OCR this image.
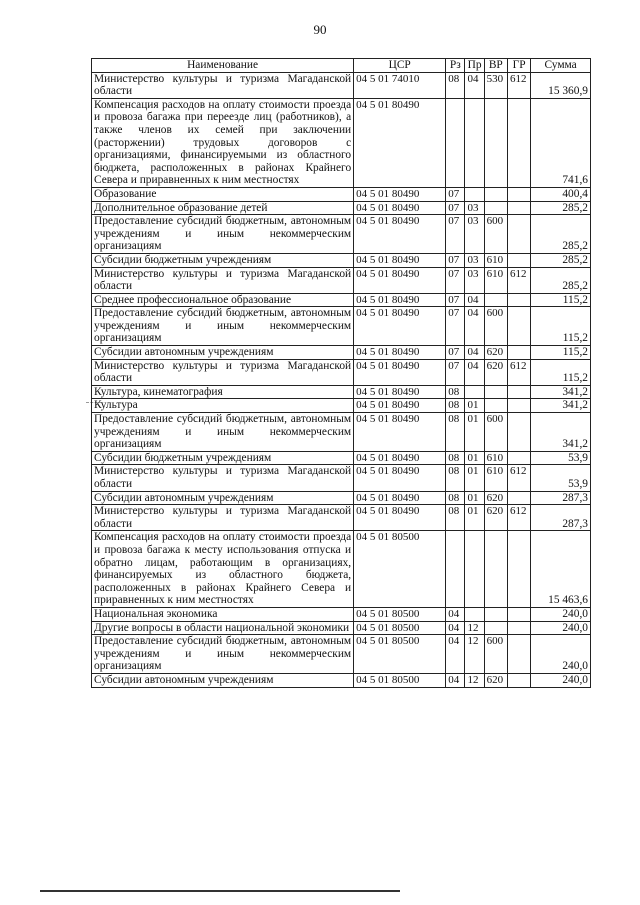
90
Наименование	ЦСР	Рз	Пр	ВР	ГР	Сумма
Министерство культуры и туризма Магаданской области	04 5 01 74010	08	04	530	612	15 360,9
Компенсация расходов на оплату стоимости проезда и провоза багажа при переезде лиц (работников), а также членов их семей при заключении (расторжении) трудовых договоров с организациями, финансируемыми из областного бюджета, расположенных в районах Крайнего Севера и приравненных к ним местностях	04 5 01 80490					741,6
Образование	04 5 01 80490	07				400,4
Дополнительное образование детей	04 5 01 80490	07	03			285,2
Предоставление субсидий бюджетным, автономным учреждениям и иным некоммерческим организациям	04 5 01 80490	07	03	600		285,2
Субсидии бюджетным учреждениям	04 5 01 80490	07	03	610		285,2
Министерство культуры и туризма Магаданской области	04 5 01 80490	07	03	610	612	285,2
Среднее профессиональное образование	04 5 01 80490	07	04			115,2
Предоставление субсидий бюджетным, автономным учреждениям и иным некоммерческим организациям	04 5 01 80490	07	04	600		115,2
Субсидии автономным учреждениям	04 5 01 80490	07	04	620		115,2
Министерство культуры и туризма Магаданской области	04 5 01 80490	07	04	620	612	115,2
Культура, кинематография	04 5 01 80490	08				341,2
Культура	04 5 01 80490	08	01			341,2
Предоставление субсидий бюджетным, автономным учреждениям и иным некоммерческим организациям	04 5 01 80490	08	01	600		341,2
Субсидии бюджетным учреждениям	04 5 01 80490	08	01	610		53,9
Министерство культуры и туризма Магаданской области	04 5 01 80490	08	01	610	612	53,9
Субсидии автономным учреждениям	04 5 01 80490	08	01	620		287,3
Министерство культуры и туризма Магаданской области	04 5 01 80490	08	01	620	612	287,3
Компенсация расходов на оплату стоимости проезда и провоза багажа к месту использования отпуска и обратно лицам, работающим в организациях, финансируемых из областного бюджета, расположенных в районах Крайнего Севера и приравненных к ним местностях	04 5 01 80500					15 463,6
Национальная экономика	04 5 01 80500	04				240,0
Другие вопросы в области национальной экономики	04 5 01 80500	04	12			240,0
Предоставление субсидий бюджетным, автономным учреждениям и иным некоммерческим организациям	04 5 01 80500	04	12	600		240,0
Субсидии автономным учреждениям	04 5 01 80500	04	12	620		240,0
